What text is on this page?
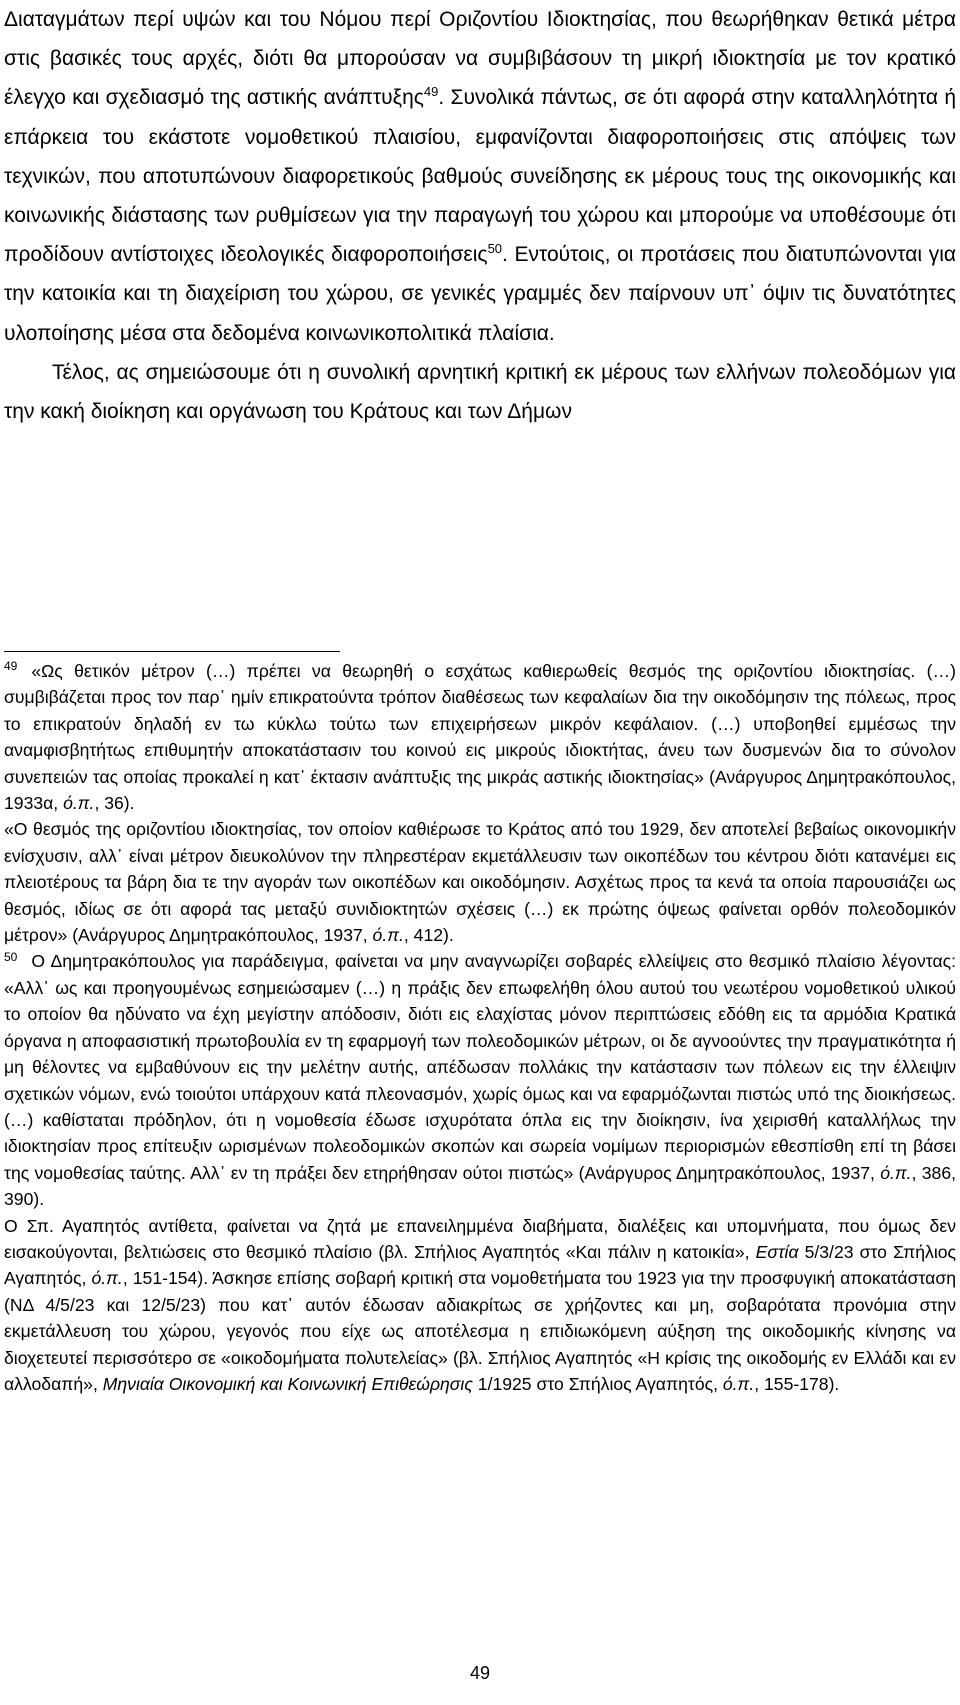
Διαταγμάτων περί υψών και του Νόμου περί Οριζοντίου Ιδιοκτησίας, που θεωρήθηκαν θετικά μέτρα στις βασικές τους αρχές, διότι θα μπορούσαν να συμβιβάσουν τη μικρή ιδιοκτησία με τον κρατικό έλεγχο και σχεδιασμό της αστικής ανάπτυξης$^{49}$. Συνολικά πάντως, σε ότι αφορά στην καταλληλότητα ή επάρκεια του εκάστοτε νομοθετικού πλαισίου, εμφανίζονται διαφοροποιήσεις στις απόψεις των τεχνικών, που αποτυπώνουν διαφορετικούς βαθμούς συνείδησης εκ μέρους τους της οικονομικής και κοινωνικής διάστασης των ρυθμίσεων για την παραγωγή του χώρου και μπορούμε να υποθέσουμε ότι προδίδουν αντίστοιχες ιδεολογικές διαφοροποιήσεις$^{50}$. Εντούτοις, οι προτάσεις που διατυπώνονται για την κατοικία και τη διαχείριση του χώρου, σε γενικές γραμμές δεν παίρνουν υπ᾽ όψιν τις δυνατότητες υλοποίησης μέσα στα δεδομένα κοινωνικοπολιτικά πλαίσια.

Τέλος, ας σημειώσουμε ότι η συνολική αρνητική κριτική εκ μέρους των ελλήνων πολεοδόμων για την κακή διοίκηση και οργάνωση του Κράτους και των Δήμων

$^{49}$ «Ως θετικόν μέτρον (…) πρέπει να θεωρηθή ο εσχάτως καθιερωθείς θεσμός της οριζοντίου ιδιοκτησίας. (…) συμβιβάζεται προς τον παρ᾽ ημίν επικρατούντα τρόπον διαθέσεως των κεφαλαίων δια την οικοδόμησιν της πόλεως, προς το επικρατούν δηλαδή εν τω κύκλω τούτω των επιχειρήσεων μικρόν κεφάλαιον. (…) υποβοηθεί εμμέσως την αναμφισβητήτως επιθυμητήν αποκατάστασιν του κοινού εις μικρούς ιδιοκτήτας, άνευ των δυσμενών δια το σύνολον συνεπειών τας οποίας προκαλεί η κατ᾽ έκτασιν ανάπτυξις της μικράς αστικής ιδιοκτησίας» (Ανάργυρος Δημητρακόπουλος, 1933α, ό.π., 36).

«Ο θεσμός της οριζοντίου ιδιοκτησίας, τον οποίον καθιέρωσε το Κράτος από του 1929, δεν αποτελεί βεβαίως οικονομικήν ενίσχυσιν, αλλ᾽ είναι μέτρον διευκολύνον την πληρεστέραν εκμετάλλευσιν των οικοπέδων του κέντρου διότι κατανέμει εις πλειοτέρους τα βάρη δια τε την αγοράν των οικοπέδων και οικοδόμησιν. Ασχέτως προς τα κενά τα οποία παρουσιάζει ως θεσμός, ιδίως σε ότι αφορά τας μεταξύ συνιδιοκτητών σχέσεις (…) εκ πρώτης όψεως φαίνεται ορθόν πολεοδομικόν μέτρον» (Ανάργυρος Δημητρακόπουλος, 1937, ό.π., 412).

$^{50}$ Ο Δημητρακόπουλος για παράδειγμα, φαίνεται να μην αναγνωρίζει σοβαρές ελλείψεις στο θεσμικό πλαίσιο λέγοντας: «Αλλ᾽ ως και προηγουμένως εσημειώσαμεν (…) η πράξις δεν επωφελήθη όλου αυτού του νεωτέρου νομοθετικού υλικού το οποίον θα ηδύνατο να έχη μεγίστην απόδοσιν, διότι εις ελαχίστας μόνον περιπτώσεις εδόθη εις τα αρμόδια Κρατικά όργανα η αποφασιστική πρωτοβουλία εν τη εφαρμογή των πολεοδομικών μέτρων, οι δε αγνοούντες την πραγματικότητα ή μη θέλοντες να εμβαθύνουν εις την μελέτην αυτής, απέδωσαν πολλάκις την κατάστασιν των πόλεων εις την έλλειψιν σχετικών νόμων, ενώ τοιούτοι υπάρχουν κατά πλεονασμόν, χωρίς όμως και να εφαρμόζωνται πιστώς υπό της διοικήσεως. (…) καθίσταται πρόδηλον, ότι η νομοθεσία έδωσε ισχυρότατα όπλα εις την διοίκησιν, ίνα χειρισθή καταλλήλως την ιδιοκτησίαν προς επίτευξιν ωρισμένων πολεοδομικών σκοπών και σωρεία νομίμων περιορισμών εθεσπίσθη επί τη βάσει της νομοθεσίας ταύτης. Αλλ᾽ εν τη πράξει δεν ετηρήθησαν ούτοι πιστώς» (Ανάργυρος Δημητρακόπουλος, 1937, ό.π., 386, 390).

Ο Σπ. Αγαπητός αντίθετα, φαίνεται να ζητά με επανειλημμένα διαβήματα, διαλέξεις και υπομνήματα, που όμως δεν εισακούγονται, βελτιώσεις στο θεσμικό πλαίσιο (βλ. Σπήλιος Αγαπητός «Και πάλιν η κατοικία», Εστία 5/3/23 στο Σπήλιος Αγαπητός, ό.π., 151-154). Άσκησε επίσης σοβαρή κριτική στα νομοθετήματα του 1923 για την προσφυγική αποκατάσταση (ΝΔ 4/5/23 και 12/5/23) που κατ᾽ αυτόν έδωσαν αδιακρίτως σε χρήζοντες και μη, σοβαρότατα προνόμια στην εκμετάλλευση του χώρου, γεγονός που είχε ως αποτέλεσμα η επιδιωκόμενη αύξηση της οικοδομικής κίνησης να διοχετευτεί περισσότερο σε «οικοδομήματα πολυτελείας» (βλ. Σπήλιος Αγαπητός «Η κρίσις της οικοδομής εν Ελλάδι και εν αλλοδαπή», Μηνιαία Οικονομική και Κοινωνική Επιθεώρησις 1/1925 στο Σπήλιος Αγαπητός, ό.π., 155-178).

49
